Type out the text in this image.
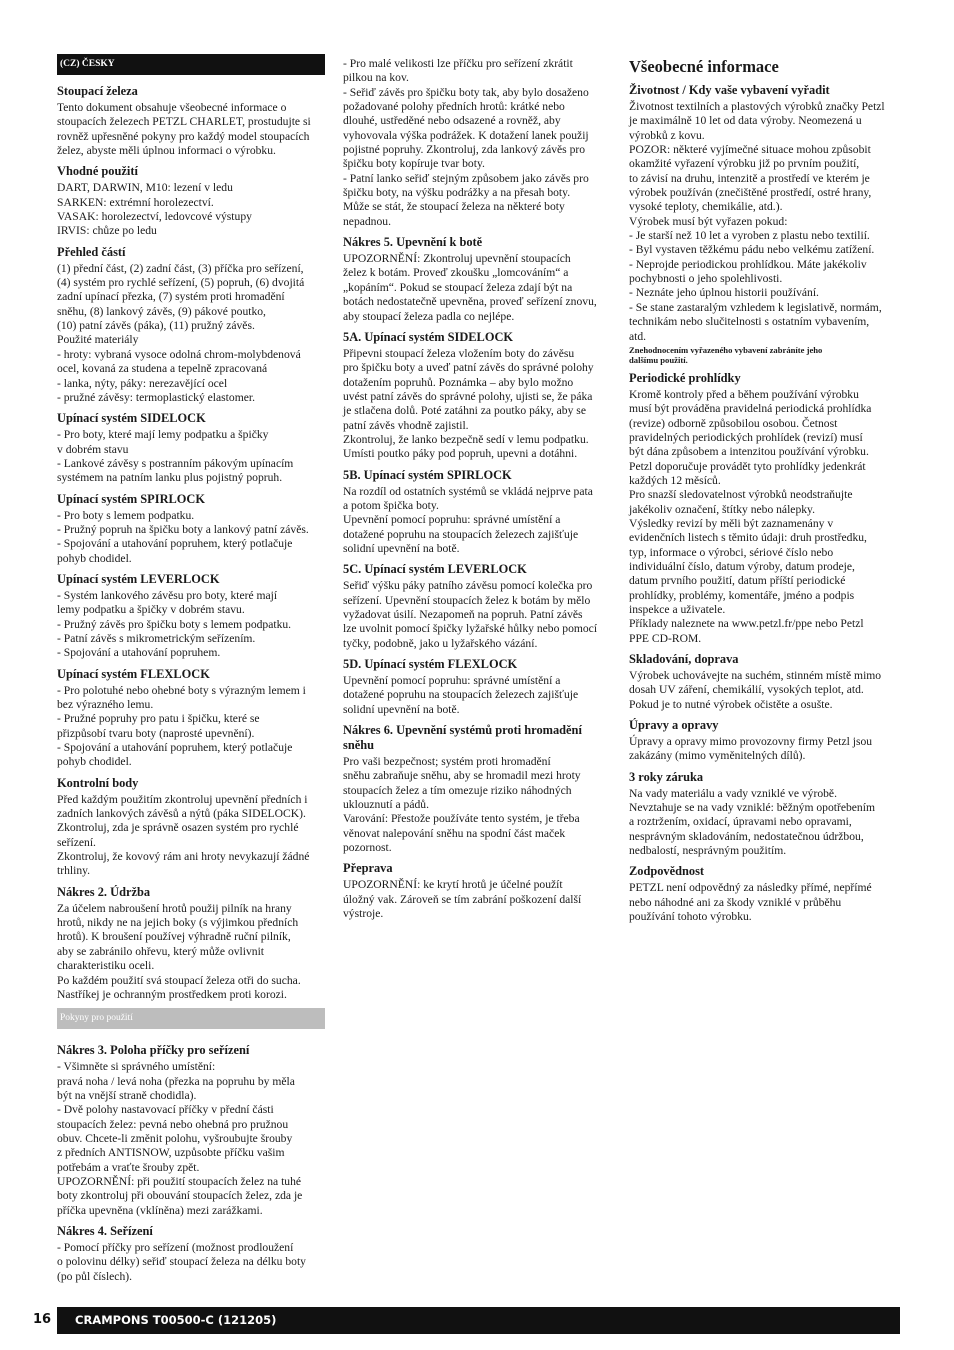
(CZ) ČESKY
Stoupací železa

Tento dokument obsahuje všeobecné informace o
stoupacích železech PETZL CHARLET, prostudujte si
rovněž upřesněné pokyny pro každý model stoupacích
želez, abyste měli úplnou informaci o výrobku.

Vhodné použití

DART, DARWIN, M10: lezení v ledu
SARKEN: extrémní horolezectví.
VASAK: horolezectví, ledovcové výstupy
IRVIS: chůze po ledu

Přehled částí

(1) přední část, (2) zadní část, (3) příčka pro seřízení,
(4) systém pro rychlé seřízení, (5) popruh, (6) dvojitá
zadní upínací přezka, (7) systém proti hromadění
sněhu, (8) lankový závěs, (9) pákové poutko,
(10) patní závěs (páka), (11) pružný závěs.
Použité materiály
- hroty: vybraná vysoce odolná chrom-molybdenová
ocel, kovaná za studena a tepelně zpracovaná
- lanka, nýty, páky: nerezavějící ocel
- pružné závěsy: termoplastický elastomer.

Upínací systém SIDELOCK

- Pro boty, které mají lemy podpatku a špičky
v dobrém stavu
- Lankové závěsy s postranním pákovým upínacím
systémem na patním lanku plus pojistný popruh.

Upínací systém SPIRLOCK

- Pro boty s lemem podpatku.
- Pružný popruh na špičku boty a lankový patní závěs.
- Spojování a utahování popruhem, který potlačuje
pohyb chodidel.

Upínací systém LEVERLOCK

- Systém lankového závěsu pro boty, které mají
lemy podpatku a špičky v dobrém stavu.
- Pružný závěs pro špičku boty s lemem podpatku.
- Patní závěs s mikrometrickým seřízením.
- Spojování a utahování popruhem.

Upínací systém FLEXLOCK

- Pro polotuhé nebo ohebné boty s výrazným lemem i
bez výrazného lemu.
- Pružné popruhy pro patu i špičku, které se
přizpůsobí tvaru boty (naprosté upevnění).
- Spojování a utahování popruhem, který potlačuje
pohyb chodidel.

Kontrolní body

Před každým použitím zkontroluj upevnění předních i
zadních lankových závěsů a nýtů (páka SIDELOCK).
Zkontroluj, zda je správně osazen systém pro rychlé
seřízení.
Zkontroluj, že kovový rám ani hroty nevykazují žádné
trhliny.

Nákres 2. Údržba

Za účelem nabroušení hrotů použij pilník na hrany
hrotů, nikdy ne na jejich boky (s výjimkou předních
hrotů). K broušení používej výhradně ruční pilník,
aby se zabránilo ohřevu, který může ovlivnit
charakteristiku oceli.
Po každém použití svá stoupací železa otři do sucha.
Nastříkej je ochranným prostředkem proti korozi.

Pokyny pro použití
Nákres 3. Poloha příčky pro seřízení

- Všimněte si správného umístění:
pravá noha / levá noha (přezka na popruhu by měla
být na vnější straně chodidla).
- Dvě polohy nastavovací příčky v přední části
stoupacích želez: pevná nebo ohebná pro pružnou
obuv. Chcete-li změnit polohu, vyšroubujte šrouby
z předních ANTISNOW, uzpůsobte příčku vašim
potřebám a vraťte šrouby zpět.
UPOZORNĚNÍ: při použití stoupacích želez na tuhé
boty zkontroluj při obouvání stoupacích želez, zda je
příčka upevněna (vklíněna) mezi zarážkami.

Nákres 4. Seřízení

- Pomocí příčky pro seřízení (možnost prodloužení
o polovinu délky) seřiď stoupací železa na délku boty
(po půl číslech).

- Pro malé velikosti lze příčku pro seřízení zkrátit
pilkou na kov.
- Seřiď závěs pro špičku boty tak, aby bylo dosaženo
požadované polohy předních hrotů: krátké nebo
dlouhé, ustředěné nebo odsazené a rovněž, aby
vyhovovala výška podrážek. K dotažení lanek použij
pojistné popruhy. Zkontroluj, zda lankový závěs pro
špičku boty kopíruje tvar boty.
- Patní lanko seřiď stejným způsobem jako závěs pro
špičku boty, na výšku podrážky a na přesah boty.
Může se stát, že stoupací železa na některé boty
nepadnou.

Nákres 5. Upevnění k botě

UPOZORNĚNÍ: Zkontroluj upevnění stoupacích
želez k botám. Proveď zkoušku „lomcováním“ a
„kopáním“. Pokud se stoupací železa zdají být na
botách nedostatečně upevněna, proveď seřízení znovu,
aby stoupací železa padla co nejlépe.

5A. Upínací systém SIDELOCK

Připevni stoupací železa vložením boty do závěsu
pro špičku boty a uveď patní závěs do správné polohy
dotažením popruhů. Poznámka – aby bylo možno
uvést patní závěs do správné polohy, ujisti se, že páka
je stlačena dolů. Poté zatáhni za poutko páky, aby se
patní závěs vhodně zajistil.
Zkontroluj, že lanko bezpečně sedí v lemu podpatku.
Umísti poutko páky pod popruh, upevni a dotáhni.

5B. Upínací systém SPIRLOCK

Na rozdíl od ostatních systémů se vkládá nejprve pata
a potom špička boty.
Upevnění pomocí popruhu: správné umístění a
dotažené popruhu na stoupacích železech zajišťuje
solidní upevnění na botě.

5C. Upínací systém LEVERLOCK

Seřiď výšku páky patního závěsu pomocí kolečka pro
seřízení. Upevnění stoupacích želez k botám by mělo
vyžadovat úsilí. Nezapomeň na popruh. Patní závěs
lze uvolnit pomocí špičky lyžařské hůlky nebo pomocí
tyčky, podobně, jako u lyžařského vázání.

5D. Upínací systém FLEXLOCK

Upevnění pomocí popruhu: správné umístění a
dotažené popruhu na stoupacích železech zajišťuje
solidní upevnění na botě.

Nákres 6. Upevnění systémů proti hromadění
sněhu

Pro vaši bezpečnost; systém proti hromadění
sněhu zabraňuje sněhu, aby se hromadil mezi hroty
stoupacích želez a tím omezuje riziko náhodných
uklouznutí a pádů.
Varování: Přestože používáte tento systém, je třeba
věnovat nalepování sněhu na spodní část maček
pozornost.

Přeprava

UPOZORNĚNÍ: ke krytí hrotů je účelné použít
úložný vak. Zároveň se tím zabrání poškození další
výstroje.

Všeobecné informace
Životnost / Kdy vaše vybavení vyřadit

Životnost textilních a plastových výrobků značky Petzl
je maximálně 10 let od data výroby. Neomezená u
výrobků z kovu.
POZOR: některé vyjímečné situace mohou způsobit
okamžité vyřazení výrobku již po prvním použití,
to závisí na druhu, intenzitě a prostředí ve kterém je
výrobek používán (znečištěné prostředí, ostré hrany,
vysoké teploty, chemikálie, atd.).
Výrobek musí být vyřazen pokud:
- Je starší než 10 let a vyroben z plastu nebo textilií.
- Byl vystaven těžkému pádu nebo velkému zatížení.
- Neprojde periodickou prohlídkou. Máte jakékoliv
pochybnosti o jeho spolehlivosti.
- Neznáte jeho úplnou historii používání.
- Se stane zastaralým vzhledem k legislativě, normám,
technikám nebo slučitelnosti s ostatním vybavením,
atd.

Znehodnocením vyřazeného vybavení zabráníte jeho
dalšímu použití.

Periodické prohlídky

Kromě kontroly před a během používání výrobku
musí být prováděna pravidelná periodická prohlídka
(revize) odborně způsobilou osobou. Četnost
pravidelných periodických prohlídek (revizí) musí
být dána způsobem a intenzitou používání výrobku.
Petzl doporučuje provádět tyto prohlídky jedenkrát
každých 12 měsíců.
Pro snazší sledovatelnost výrobků neodstraňujte
jakékoliv označení, štítky nebo nálepky.
Výsledky revizí by měli být zaznamenány v
evidenčních listech s těmito údaji: druh prostředku,
typ, informace o výrobci, sériové číslo nebo
individuální číslo, datum výroby, datum prodeje,
datum prvního použití, datum příští periodické
prohlídky, problémy, komentáře, jméno a podpis
inspekce a uživatele.
Příklady naleznete na www.petzl.fr/ppe nebo Petzl
PPE CD-ROM.

Skladování, doprava

Výrobek uchovávejte na suchém, stinném místě mimo
dosah UV záření, chemikálií, vysokých teplot, atd.
Pokud je to nutné výrobek očistěte a osušte.

Úpravy a opravy

Úpravy a opravy mimo provozovny firmy Petzl jsou
zakázány (mimo vyměnitelných dílů).

3 roky záruka

Na vady materiálu a vady vzniklé ve výrobě.
Nevztahuje se na vady vzniklé: běžným opotřebením
a roztržením, oxidací, úpravami nebo opravami,
nesprávným skladováním, nedostatečnou údržbou,
nedbalostí, nesprávným použitím.

Zodpovědnost

PETZL není odpovědný za následky přímé, nepřímé
nebo náhodné ani za škody vzniklé v průběhu
používání tohoto výrobku.

16 CRAMPONS T00500-C (121205)
